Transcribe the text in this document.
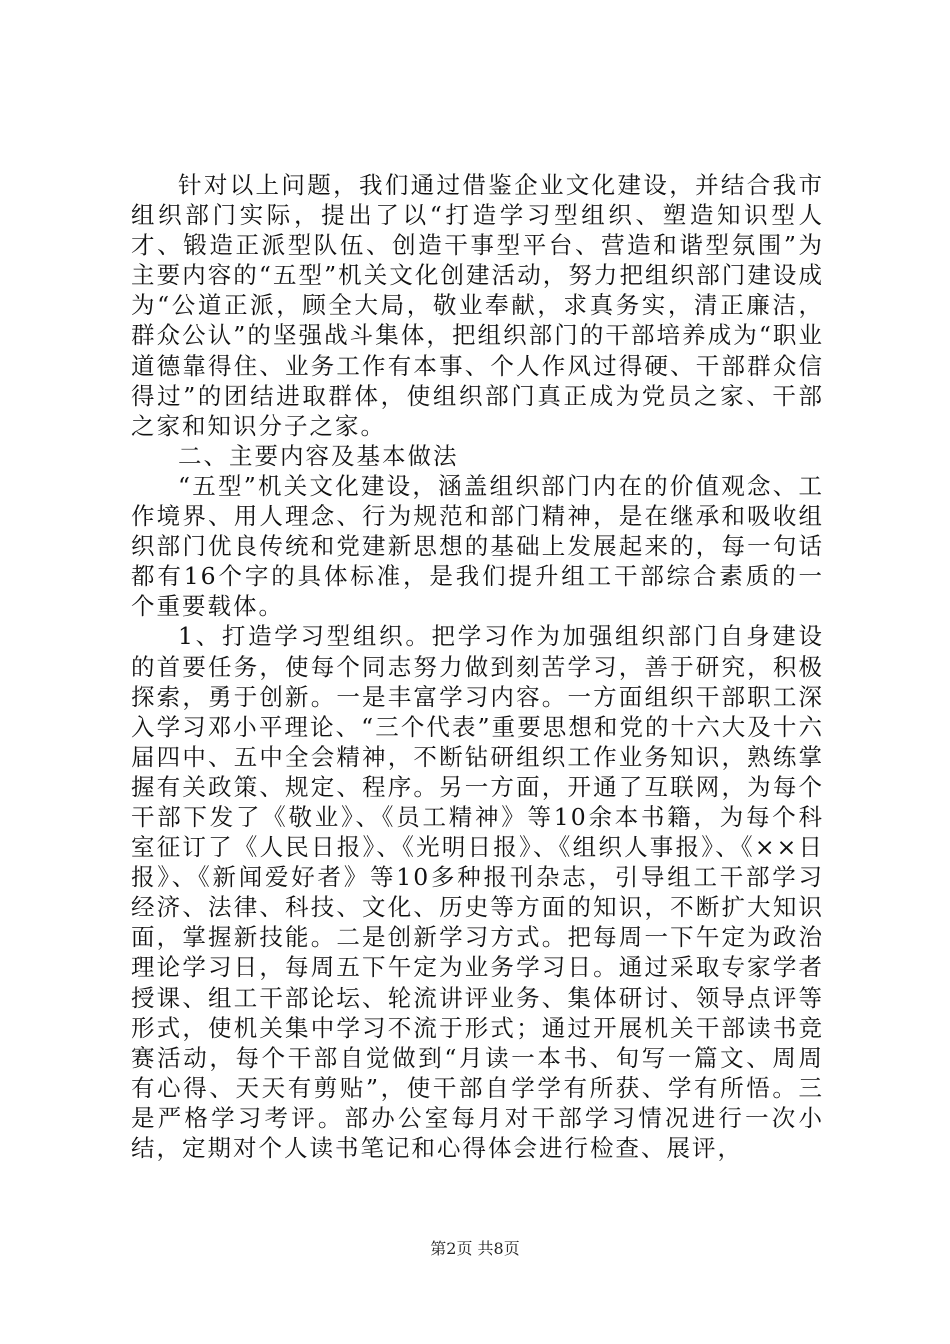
针对以上问题，我们通过借鉴企业文化建设，并结合我市组织部门实际，提出了以“打造学习型组织、塑造知识型人才、锻造正派型队伍、创造干事型平台、营造和谐型氛围”为主要内容的“五型”机关文化创建活动，努力把组织部门建设成为“公道正派，顾全大局，敬业奉献，求真务实，清正廉洁，群众公认”的坚强战斗集体，把组织部门的干部培养成为“职业道德靠得住、业务工作有本事、个人作风过得硬、干部群众信得过”的团结进取群体，使组织部门真正成为党员之家、干部之家和知识分子之家。

二、主要内容及基本做法

“五型”机关文化建设，涵盖组织部门内在的价值观念、工作境界、用人理念、行为规范和部门精神，是在继承和吸收组织部门优良传统和党建新思想的基础上发展起来的，每一句话都有16个字的具体标准，是我们提升组工干部综合素质的一个重要载体。

1、打造学习型组织。把学习作为加强组织部门自身建设的首要任务，使每个同志努力做到刻苦学习，善于研究，积极探索，勇于创新。一是丰富学习内容。一方面组织干部职工深入学习邓小平理论、“三个代表”重要思想和党的十六大及十六届四中、五中全会精神，不断钻研组织工作业务知识，熟练掌握有关政策、规定、程序。另一方面，开通了互联网，为每个干部下发了《敬业》、《员工精神》等10余本书籍，为每个科室征订了《人民日报》、《光明日报》、《组织人事报》、《××日报》、《新闻爱好者》等10多种报刊杂志，引导组工干部学习经济、法律、科技、文化、历史等方面的知识，不断扩大知识面，掌握新技能。二是创新学习方式。把每周一下午定为政治理论学习日，每周五下午定为业务学习日。通过采取专家学者授课、组工干部论坛、轮流讲评业务、集体研讨、领导点评等形式，使机关集中学习不流于形式；通过开展机关干部读书竞赛活动，每个干部自觉做到“月读一本书、旬写一篇文、周周有心得、天天有剪贴”，使干部自学学有所获、学有所悟。三是严格学习考评。部办公室每月对干部学习情况进行一次小结，定期对个人读书笔记和心得体会进行检查、展评，

第2页 共8页
